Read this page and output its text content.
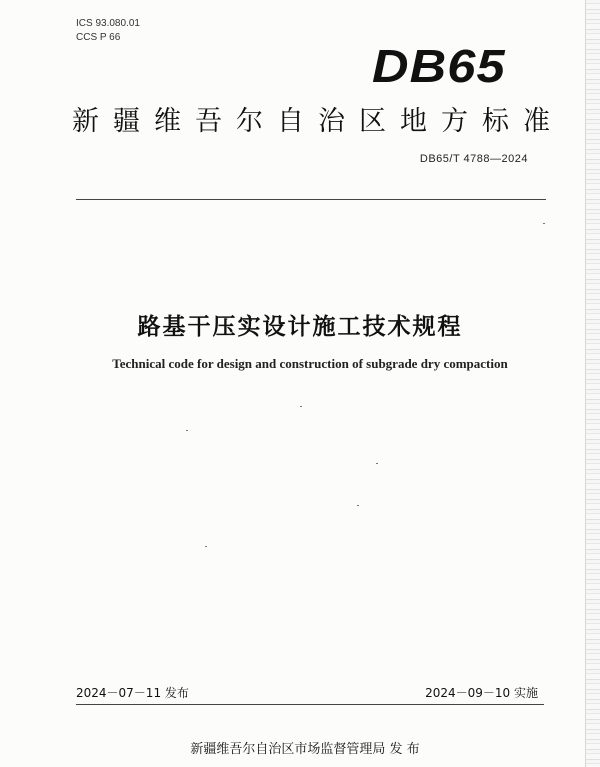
ICS 93.080.01
CCS P 66
DB65
新疆维吾尔自治区地方标准
DB65/T 4788—2024
路基干压实设计施工技术规程
Technical code for design and construction of subgrade dry compaction
2024－07－11 发布	2024－09－10 实施
新疆维吾尔自治区市场监督管理局 发 布
